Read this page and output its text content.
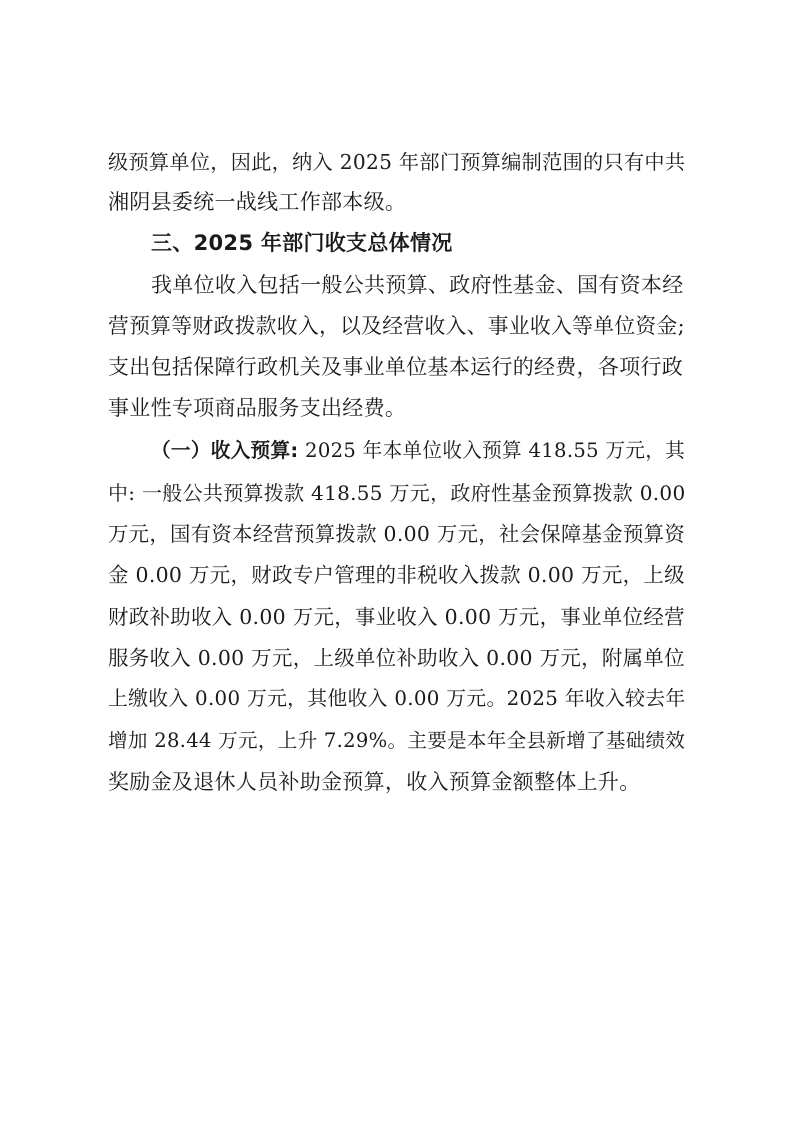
级预算单位，因此，纳入 2025 年部门预算编制范围的只有中共
湘阴县委统一战线工作部本级。
三、2025 年部门收支总体情况
我单位收入包括一般公共预算、政府性基金、国有资本经
营预算等财政拨款收入，以及经营收入、事业收入等单位资金;
支出包括保障行政机关及事业单位基本运行的经费，各项行政
事业性专项商品服务支出经费。
（一）收入预算: 2025 年本单位收入预算 418.55 万元，其
中: 一般公共预算拨款 418.55 万元，政府性基金预算拨款 0.00
万元，国有资本经营预算拨款 0.00 万元，社会保障基金预算资
金 0.00 万元，财政专户管理的非税收入拨款 0.00 万元，上级
财政补助收入 0.00 万元，事业收入 0.00 万元，事业单位经营
服务收入 0.00 万元，上级单位补助收入 0.00 万元，附属单位
上缴收入 0.00 万元，其他收入 0.00 万元。2025 年收入较去年
增加 28.44 万元，上升 7.29%。主要是本年全县新增了基础绩效
奖励金及退休人员补助金预算，收入预算金额整体上升。
